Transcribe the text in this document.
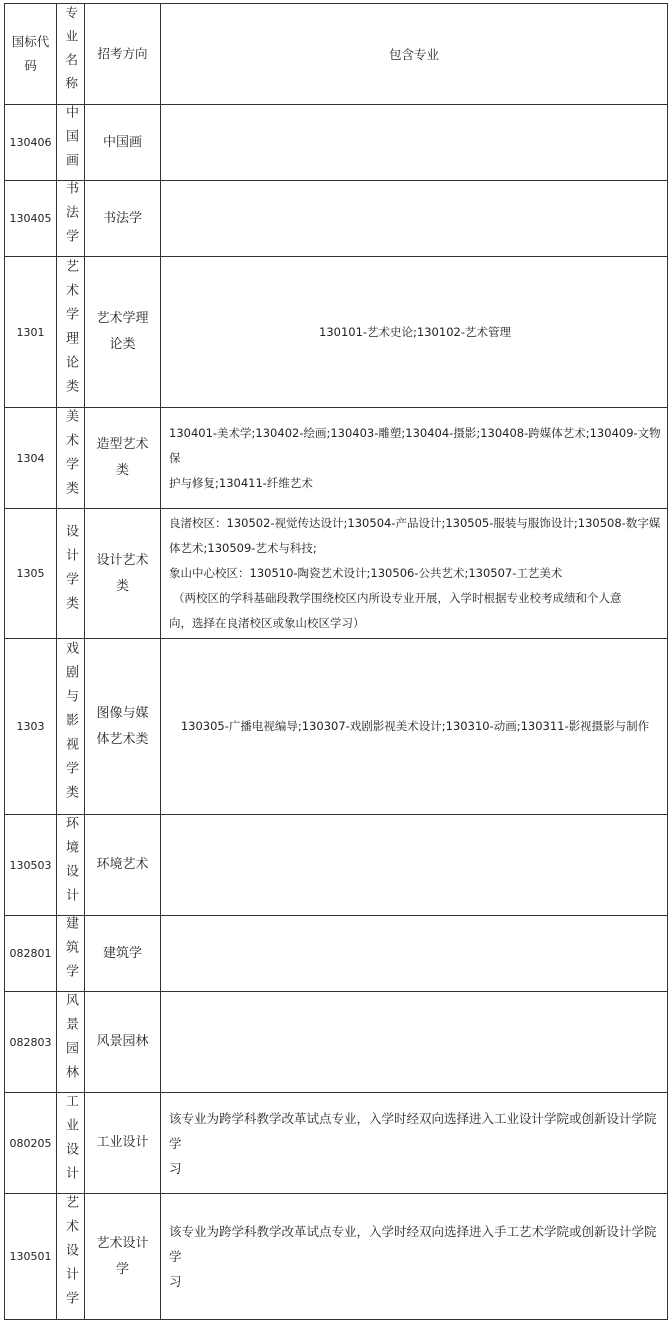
国标代码	专业名称	招考方向	包含专业
130406	中国画	中国画	
130405	书法学	书法学	
1301	艺术学理论类	艺术学理论类	130101-艺术史论;130102-艺术管理

1304	美术学类	造型艺术类	130401-美术学;130402-绘画;130403-雕塑;130404-摄影;130408-跨媒体艺术;130409-文物保
护与修复;130411-纤维艺术

1305	设计学类	设计艺术类	良渚校区：130502-视觉传达设计;130504-产品设计;130505-服装与服饰设计;130508-数字媒
体艺术;130509-艺术与科技;
象山中心校区：130510-陶瓷艺术设计;130506-公共艺术;130507-工艺美术
（两校区的学科基础段教学围绕校区内所设专业开展，入学时根据专业校考成绩和个人意
向，选择在良渚校区或象山校区学习）

1303	戏剧与影视学类	图像与媒体艺术类	130305-广播电视编导;130307-戏剧影视美术设计;130310-动画;130311-影视摄影与制作

130503	环境设计	环境艺术	
082801	建筑学	建筑学	
082803	风景园林	风景园林	
080205	工业设计	工业设计	该专业为跨学科教学改革试点专业，入学时经双向选择进入工业设计学院或创新设计学院学
习

130501	艺术设计学	艺术设计学	该专业为跨学科教学改革试点专业，入学时经双向选择进入手工艺术学院或创新设计学院学
习
